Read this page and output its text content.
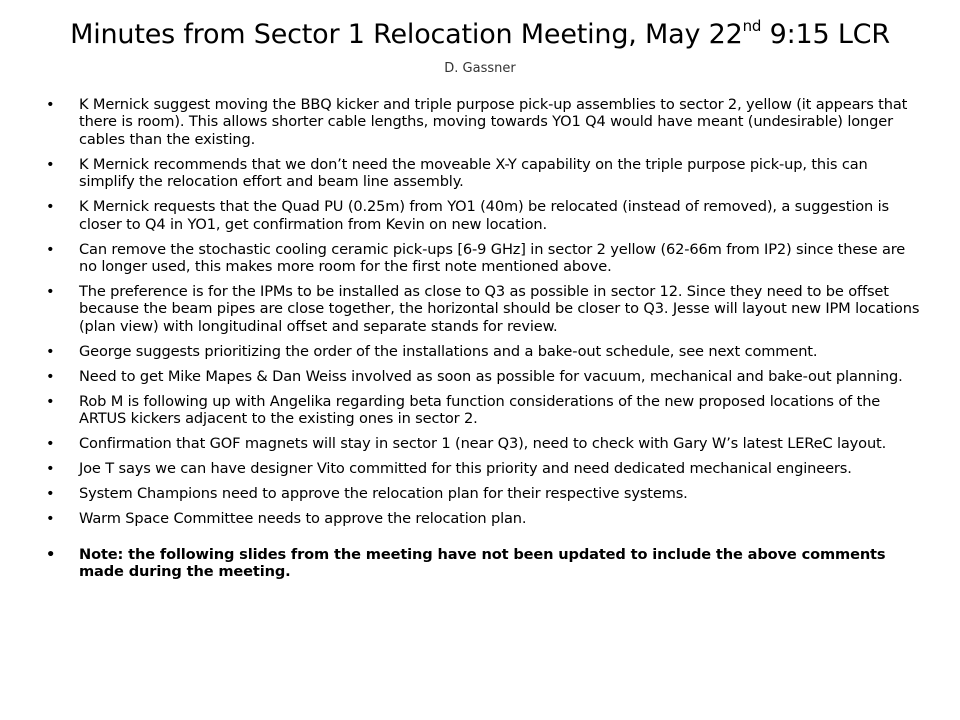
Minutes from Sector 1 Relocation Meeting, May 22nd 9:15 LCR
D. Gassner
• K Mernick suggest moving the BBQ kicker and triple purpose pick-up assemblies to sector 2, yellow (it appears that there is room). This allows shorter cable lengths, moving towards YO1 Q4 would have meant (undesirable) longer cables than the existing.
• K Mernick recommends that we don’t need the moveable X-Y capability on the triple purpose pick-up, this can simplify the relocation effort and beam line assembly.
• K Mernick requests that the Quad PU (0.25m) from YO1 (40m) be relocated (instead of removed), a suggestion is closer to Q4 in YO1, get confirmation from Kevin on new location.
• Can remove the stochastic cooling ceramic pick-ups [6-9 GHz] in sector 2 yellow (62-66m from IP2) since these are no longer used, this makes more room for the first note mentioned above.
• The preference is for the IPMs to be installed as close to Q3 as possible in sector 12. Since they need to be offset because the beam pipes are close together, the horizontal should be closer to Q3. Jesse will layout new IPM locations (plan view) with longitudinal offset and separate stands for review.
• George suggests prioritizing the order of the installations and a bake-out schedule, see next comment.
• Need to get Mike Mapes & Dan Weiss involved as soon as possible for vacuum, mechanical and bake-out planning.
• Rob M is following up with Angelika regarding beta function considerations of the new proposed locations of the ARTUS kickers adjacent to the existing ones in sector 2.
• Confirmation that GOF magnets will stay in sector 1 (near Q3), need to check with Gary W’s latest LEReC layout.
• Joe T says we can have designer Vito committed for this priority and need dedicated mechanical engineers.
• System Champions need to approve the relocation plan for their respective systems.
• Warm Space Committee needs to approve the relocation plan.
• Note: the following slides from the meeting have not been updated to include the above comments made during the meeting.
